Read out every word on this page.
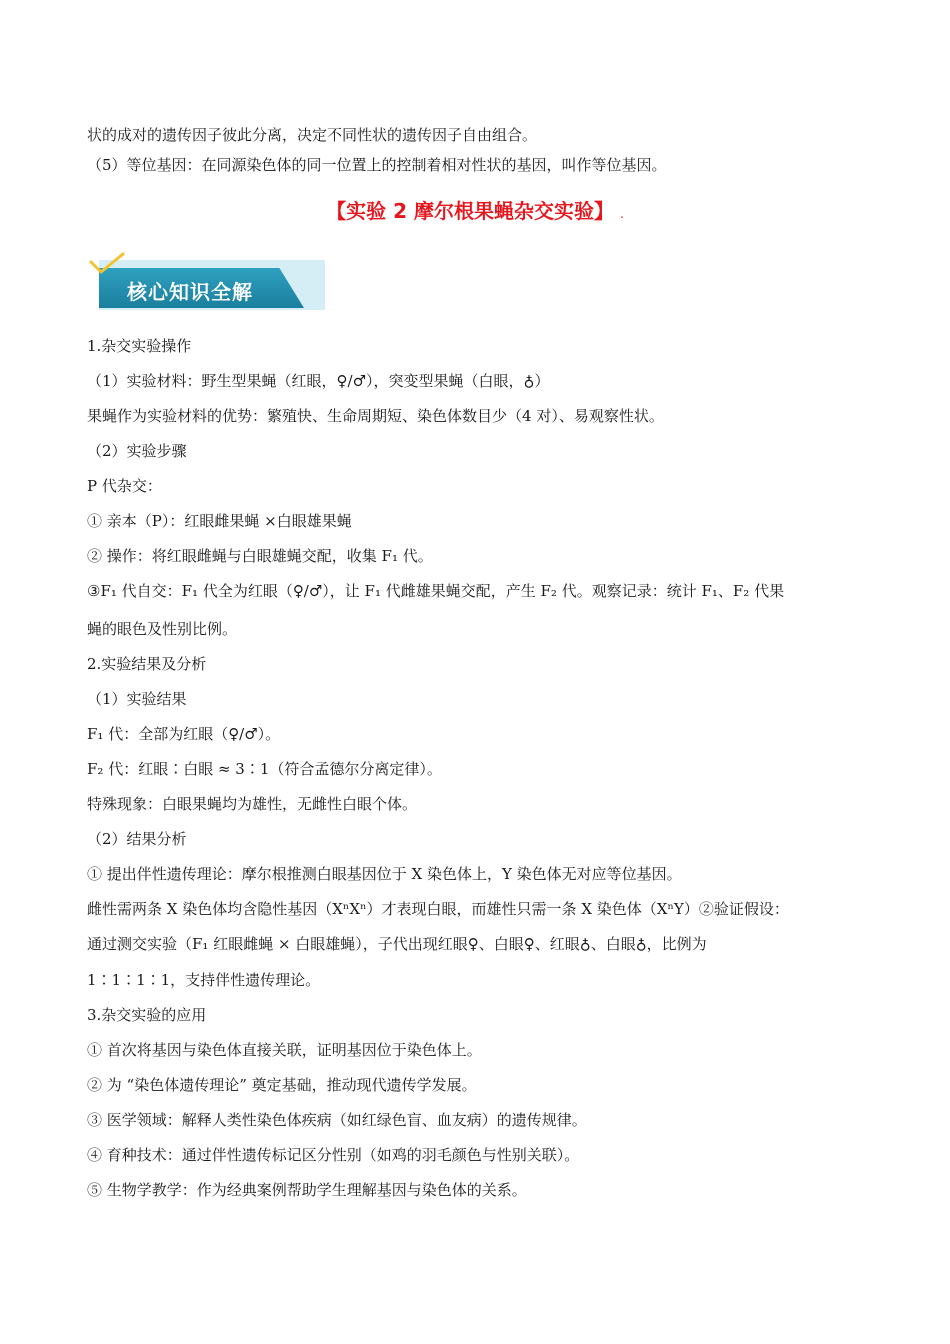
状的成对的遗传因子彼此分离，决定不同性状的遗传因子自由组合。
（5）等位基因：在同源染色体的同一位置上的控制着相对性状的基因，叫作等位基因。
【实验 2 摩尔根果蝇杂交实验】 .
核心知识全解
1.杂交实验操作
（1）实验材料：野生型果蝇（红眼，♀/♂），突变型果蝇（白眼，♁）
果蝇作为实验材料的优势：繁殖快、生命周期短、染色体数目少（4 对）、易观察性状。
（2）实验步骤
P 代杂交：
① 亲本（P）：红眼雌果蝇 ×白眼雄果蝇
② 操作：将红眼雌蝇与白眼雄蝇交配，收集 F₁ 代。
③F₁ 代自交：F₁ 代全为红眼（♀/♂），让 F₁ 代雌雄果蝇交配，产生 F₂ 代。观察记录：统计 F₁、F₂ 代果
蝇的眼色及性别比例。
2.实验结果及分析
（1）实验结果
F₁ 代：全部为红眼（♀/♂）。
F₂ 代：红眼∶白眼 ≈ 3∶1（符合孟德尔分离定律）。
特殊现象：白眼果蝇均为雄性，无雌性白眼个体。
（2）结果分析
① 提出伴性遗传理论：摩尔根推测白眼基因位于 X 染色体上，Y 染色体无对应等位基因。
雌性需两条 X 染色体均含隐性基因（XⁿXⁿ）才表现白眼，而雄性只需一条 X 染色体（XⁿY）②验证假设：
通过测交实验（F₁ 红眼雌蝇 × 白眼雄蝇），子代出现红眼♀、白眼♀、红眼♁、白眼♁，比例为
1∶1∶1∶1，支持伴性遗传理论。
3.杂交实验的应用
① 首次将基因与染色体直接关联，证明基因位于染色体上。
② 为 “染色体遗传理论” 奠定基础，推动现代遗传学发展。
③ 医学领域：解释人类性染色体疾病（如红绿色盲、血友病）的遗传规律。
④ 育种技术：通过伴性遗传标记区分性别（如鸡的羽毛颜色与性别关联）。
⑤ 生物学教学：作为经典案例帮助学生理解基因与染色体的关系。
